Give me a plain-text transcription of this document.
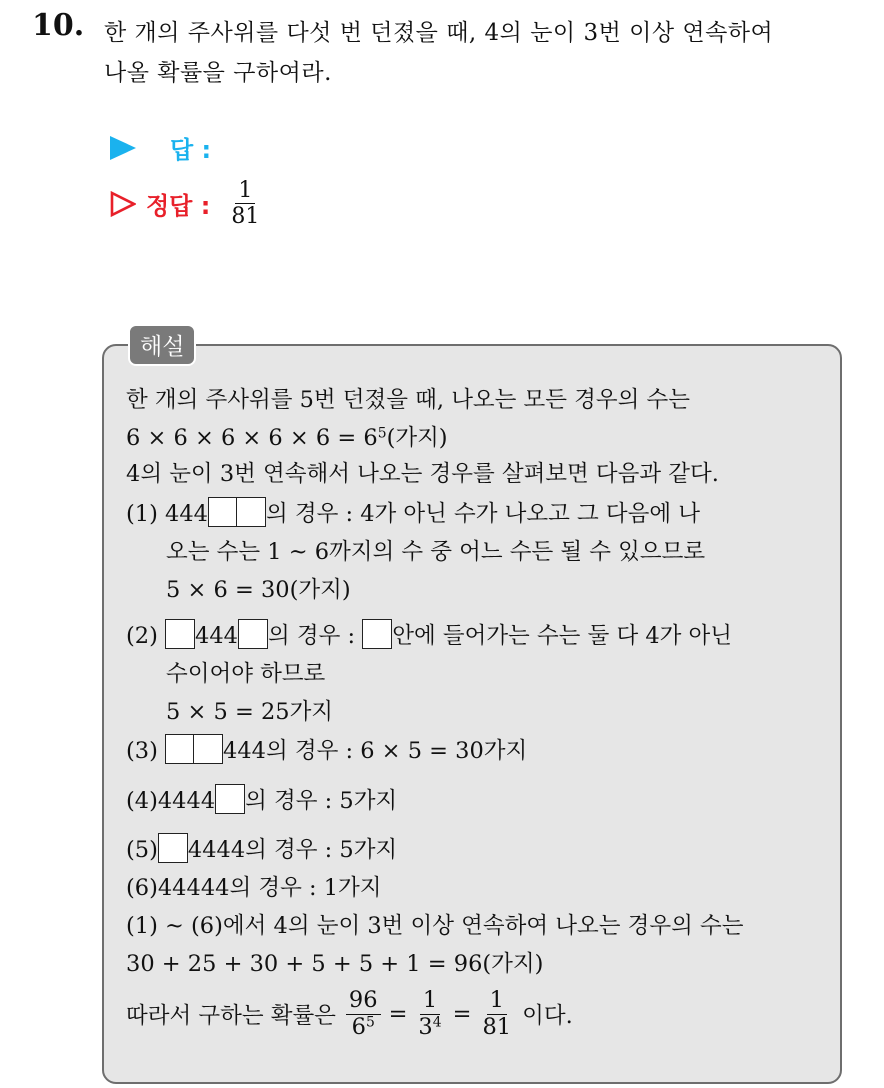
10. 한 개의 주사위를 다섯 번 던졌을 때, 4의 눈이 3번 이상 연속하여
나올 확률을 구하여라.
답 :
정답 : $\frac{1}{81}$
해설
한 개의 주사위를 5번 던졌을 때, 나오는 모든 경우의 수는
$6 \times 6 \times 6 \times 6 \times 6 = 6^5$(가지)
4의 눈이 3번 연속해서 나오는 경우를 살펴보면 다음과 같다.
(1) 444	의 경우 : 4가 아닌 수가 나오고 그 다음에 나
오는 수는 1 ~ 6까지의 수 중 어느 수든 될 수 있으므로
5 × 6 = 30(가지)
(2) 444 의 경우 : 안에 들어가는 수는 둘 다 4가 아닌
수이어야 하므로
5 × 5 = 25가지
(3)	444의 경우 : 6 × 5 = 30가지
(4)4444 의 경우 : 5가지
(5) 4444의 경우 : 5가지
(6)44444의 경우 : 1가지
(1) ~ (6)에서 4의 눈이 3번 이상 연속하여 나오는 경우의 수는
30 + 25 + 30 + 5 + 5 + 1 = 96(가지)
따라서 구하는 확률은 $\frac{96}{6^5} = \frac{1}{3^4} = \frac{1}{81}$ 이다.
